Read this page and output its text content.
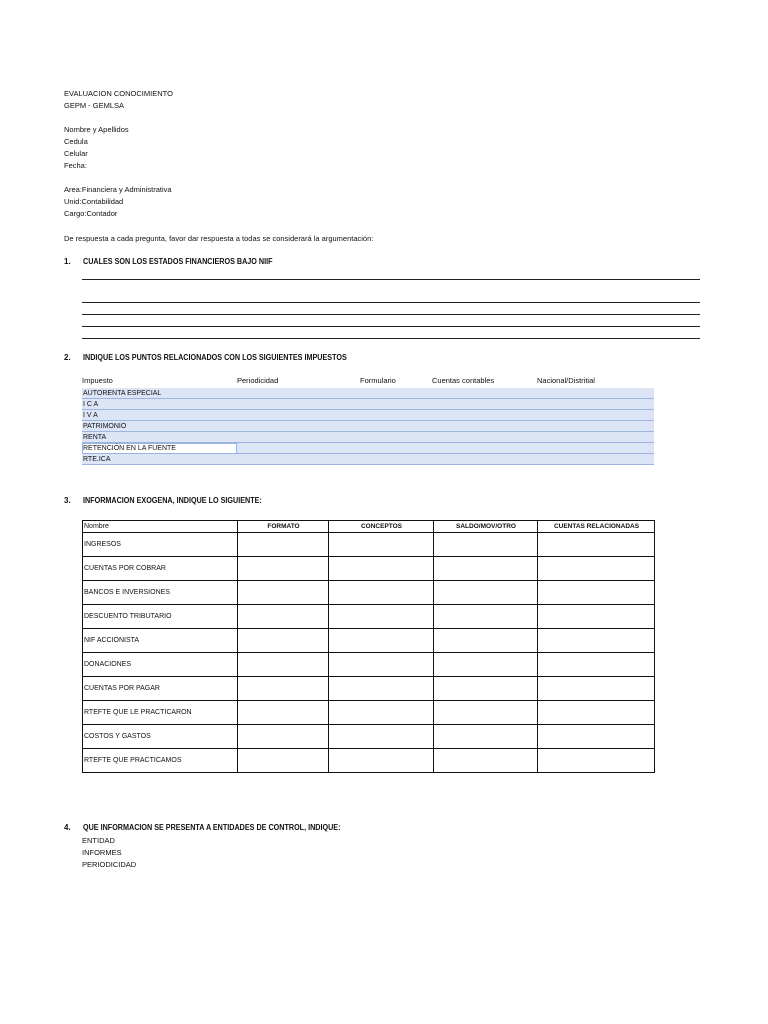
EVALUACION CONOCIMIENTO
GEPM - GEMLSA
Nombre y Apellidos
Cedula
Celular
Fecha:
Area:Financiera y Administrativa
Unid:Contabilidad
Cargo:Contador
De respuesta a cada pregunta, favor dar respuesta a todas se considerará la argumentación:
1. CUALES SON LOS ESTADOS FINANCIEROS BAJO NIIF
2. INDIQUE LOS PUNTOS RELACIONADOS CON LOS SIGUIENTES IMPUESTOS
Impuesto	Periodicidad	Formulario	Cuentas contables	Nacional/Distritial
AUTORENTA ESPECIAL
I C A
I V A
PATRIMONIO
RENTA
RETENCIÓN EN LA FUENTE
RTE.ICA
3. INFORMACION EXOGENA, INDIQUE LO SIGUIENTE:
Nombre	FORMATO	CONCEPTOS	SALDO/MOV/OTRO	CUENTAS RELACIONADAS
INGRESOS				
CUENTAS POR COBRAR				
BANCOS E INVERSIONES				
DESCUENTO TRIBUTARIO				
NIF ACCIONISTA				
DONACIONES				
CUENTAS POR PAGAR				
RTEFTE QUE LE PRACTICARON				
COSTOS Y GASTOS				
RTEFTE QUE PRACTICAMOS				
4. QUE INFORMACION SE PRESENTA A ENTIDADES DE CONTROL, INDIQUE:
ENTIDAD
INFORMES
PERIODICIDAD
